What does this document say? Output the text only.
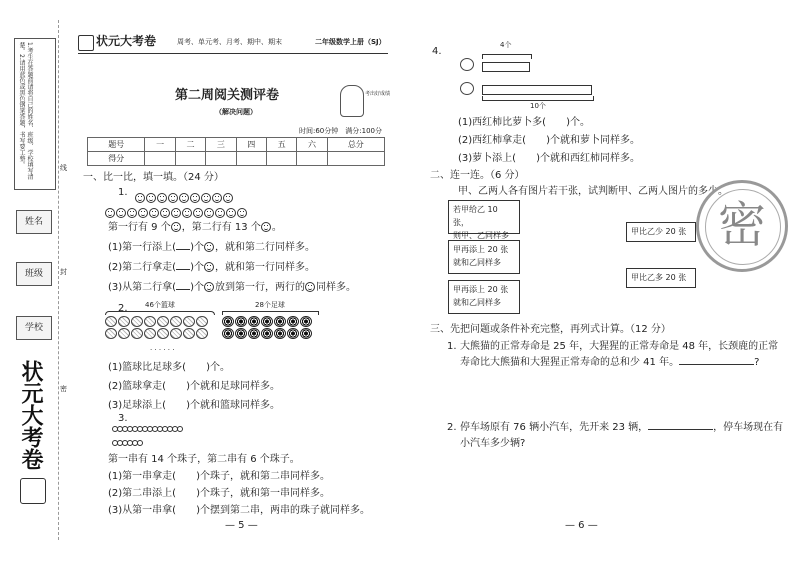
1.考生在答题前请将自己的姓名、班级、学校填写清楚。2.请用蓝色或黑色钢笔答题，书写要工整。
姓名
班级
学校
线
封
密
状元大考卷
状元大考卷	周考、单元考、月考、期中、期末	二年级数学上册（SJ）
第二周阅关测评卷
（解决问题）
考出好成绩
时间:60分钟　满分:100分
题号	一	二	三	四	五	六	总分
得分							
一、比一比，填一填。（24 分）
1.
第一行有 9 个 ，第二行有 13 个 。
(1)第一行添上( )个 ，就和第二行同样多。
(2)第二行拿走( )个 ，就和第一行同样多。
(3)从第二行拿( )个 放到第一行，两行的 同样多。
2. 46个篮球	28个足球
· · · · · ·
(1)篮球比足球多(　　)个。
(2)篮球拿走(　　)个就和足球同样多。
(3)足球添上(　　)个就和篮球同样多。
3.
第一串有 14 个珠子，第二串有 6 个珠子。
(1)第一串拿走(　　)个珠子，就和第二串同样多。
(2)第二串添上(　　)个珠子，就和第一串同样多。
(3)从第一串拿(　　)个摆到第二串，两串的珠子就同样多。
— 5 —
4.
4个
10个
(1)西红柿比萝卜多(　　)个。
(2)西红柿拿走(　　)个就和萝卜同样多。
(3)萝卜添上(　　)个就和西红柿同样多。
二、连一连。（6 分）
甲、乙两人各有图片若干张，试判断甲、乙两人图片的多少。
若甲给乙 10 张，
则甲、乙同样多
甲再添上 20 张
就和乙同样多
甲再添上 20 张
就和乙同样多
甲比乙少 20 张
甲比乙多 20 张
密
三、先把问题或条件补充完整，再列式计算。（12 分）
1. 大熊猫的正常寿命是 25 年，大猩猩的正常寿命是 48 年，长颈鹿的正常
寿命比大熊猫和大猩猩正常寿命的总和少 41 年。	?
2. 停车场原有 76 辆小汽车，先开来 23 辆，	，停车场现在有
小汽车多少辆?
— 6 —
